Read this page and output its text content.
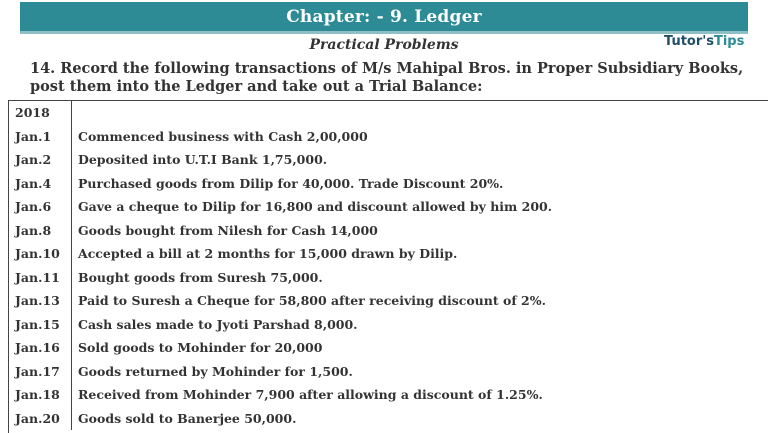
Chapter: - 9. Ledger
Practical Problems	Tutor'sTips
14. Record the following transactions of M/s Mahipal Bros. in Proper Subsidiary Books, post them into the Ledger and take out a Trial Balance:
2018
Jan.1	Commenced business with Cash 2,00,000
Jan.2	Deposited into U.T.I Bank 1,75,000.
Jan.4	Purchased goods from Dilip for 40,000. Trade Discount 20%.
Jan.6	Gave a cheque to Dilip for 16,800 and discount allowed by him 200.
Jan.8	Goods bought from Nilesh for Cash 14,000
Jan.10	Accepted a bill at 2 months for 15,000 drawn by Dilip.
Jan.11	Bought goods from Suresh 75,000.
Jan.13	Paid to Suresh a Cheque for 58,800 after receiving discount of 2%.
Jan.15	Cash sales made to Jyoti Parshad 8,000.
Jan.16	Sold goods to Mohinder for 20,000
Jan.17	Goods returned by Mohinder for 1,500.
Jan.18	Received from Mohinder 7,900 after allowing a discount of 1.25%.
Jan.20	Goods sold to Banerjee 50,000.
